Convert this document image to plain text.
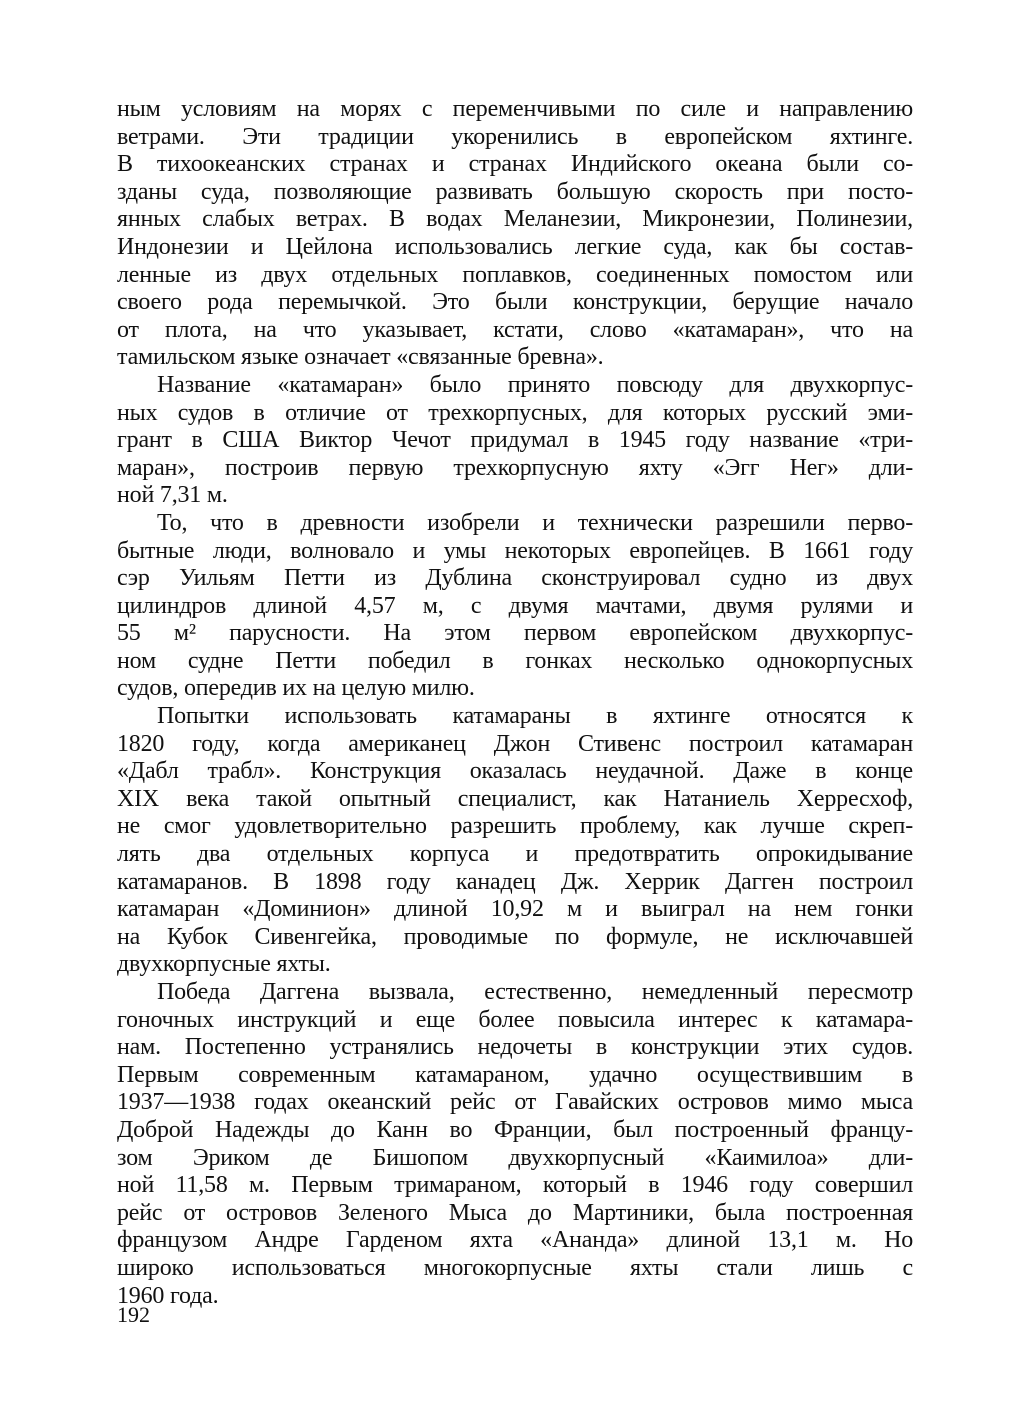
ным условиям на морях с переменчивыми по силе и направлению
ветрами. Эти традиции укоренились в европейском яхтинге.
В тихоокеанских странах и странах Индийского океана были со-
зданы суда, позволяющие развивать большую скорость при посто-
янных слабых ветрах. В водах Меланезии, Микронезии, Полинезии,
Индонезии и Цейлона использовались легкие суда, как бы состав-
ленные из двух отдельных поплавков, соединенных помостом или
своего рода перемычкой. Это были конструкции, берущие начало
от плота, на что указывает, кстати, слово «катамаран», что на
тамильском языке означает «связанные бревна».
Название «катамаран» было принято повсюду для двухкорпус-
ных судов в отличие от трехкорпусных, для которых русский эми-
грант в США Виктор Чечот придумал в 1945 году название «три-
маран», построив первую трехкорпусную яхту «Эгг Нег» дли-
ной 7,31 м.
То, что в древности изобрели и технически разрешили перво-
бытные люди, волновало и умы некоторых европейцев. В 1661 году
сэр Уильям Петти из Дублина сконструировал судно из двух
цилиндров длиной 4,57 м, с двумя мачтами, двумя рулями и
55 м² парусности. На этом первом европейском двухкорпус-
ном судне Петти победил в гонках несколько однокорпусных
судов, опередив их на целую милю.
Попытки использовать катамараны в яхтинге относятся к
1820 году, когда американец Джон Стивенс построил катамаран
«Дабл трабл». Конструкция оказалась неудачной. Даже в конце
XIX века такой опытный специалист, как Натаниель Херресхоф,
не смог удовлетворительно разрешить проблему, как лучше скреп-
лять два отдельных корпуса и предотвратить опрокидывание
катамаранов. В 1898 году канадец Дж. Херрик Дагген построил
катамаран «Доминион» длиной 10,92 м и выиграл на нем гонки
на Кубок Сивенгейка, проводимые по формуле, не исключавшей
двухкорпусные яхты.
Победа Даггена вызвала, естественно, немедленный пересмотр
гоночных инструкций и еще более повысила интерес к катамара-
нам. Постепенно устранялись недочеты в конструкции этих судов.
Первым современным катамараном, удачно осуществившим в
1937—1938 годах океанский рейс от Гавайских островов мимо мыса
Доброй Надежды до Канн во Франции, был построенный францу-
зом Эриком де Бишопом двухкорпусный «Каимилоа» дли-
ной 11,58 м. Первым тримараном, который в 1946 году совершил
рейс от островов Зеленого Мыса до Мартиники, была построенная
французом Андре Гарденом яхта «Ананда» длиной 13,1 м. Но
широко использоваться многокорпусные яхты стали лишь с
1960 года.
192
